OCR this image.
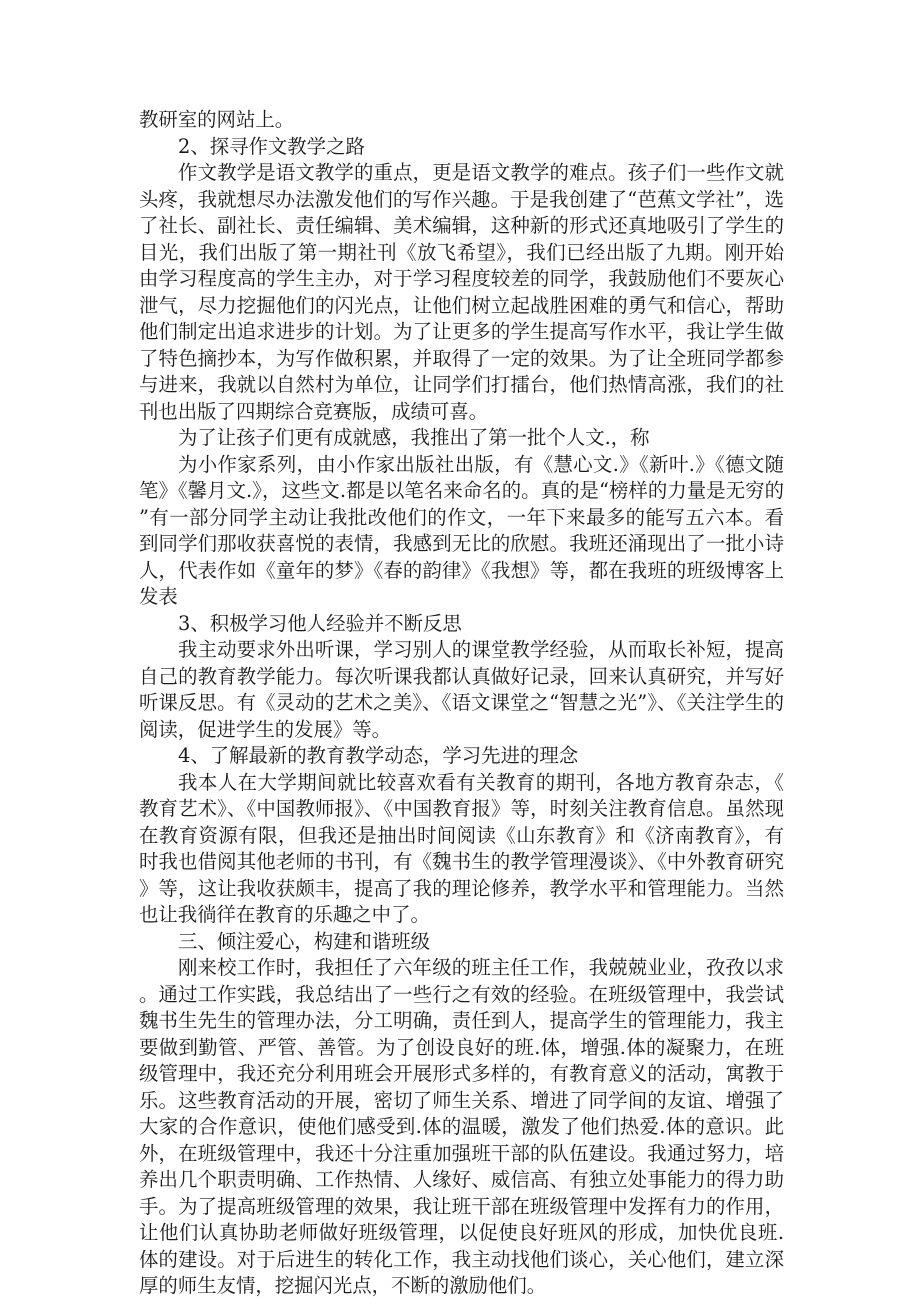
教研室的网站上。

2、探寻作文教学之路

作文教学是语文教学的重点，更是语文教学的难点。孩子们一些作文就头疼，我就想尽办法激发他们的写作兴趣。于是我创建了“芭蕉文学社”，选了社长、副社长、责任编辑、美术编辑，这种新的形式还真地吸引了学生的目光，我们出版了第一期社刊《放飞希望》，我们已经出版了九期。刚开始由学习程度高的学生主办，对于学习程度较差的同学，我鼓励他们不要灰心泄气，尽力挖掘他们的闪光点，让他们树立起战胜困难的勇气和信心，帮助他们制定出追求进步的计划。为了让更多的学生提高写作水平，我让学生做了特色摘抄本，为写作做积累，并取得了一定的效果。为了让全班同学都参与进来，我就以自然村为单位，让同学们打擂台，他们热情高涨，我们的社刊也出版了四期综合竞赛版，成绩可喜。

为了让孩子们更有成就感，我推出了第一批个人文.，称

为小作家系列，由小作家出版社出版，有《慧心文.》《新叶.》《德文随笔》《馨月文.》，这些文.都是以笔名来命名的。真的是“榜样的力量是无穷的”有一部分同学主动让我批改他们的作文，一年下来最多的能写五六本。看到同学们那收获喜悦的表情，我感到无比的欣慰。我班还涌现出了一批小诗人，代表作如《童年的梦》《春的韵律》《我想》等，都在我班的班级博客上发表

3、积极学习他人经验并不断反思

我主动要求外出听课，学习别人的课堂教学经验，从而取长补短，提高自己的教育教学能力。每次听课我都认真做好记录，回来认真研究，并写好听课反思。有《灵动的艺术之美》、《语文课堂之“智慧之光”》、《关注学生的阅读，促进学生的发展》等。

4、了解最新的教育教学动态，学习先进的理念

我本人在大学期间就比较喜欢看有关教育的期刊，各地方教育杂志，《教育艺术》、《中国教师报》、《中国教育报》等，时刻关注教育信息。虽然现在教育资源有限，但我还是抽出时间阅读《山东教育》和《济南教育》，有时我也借阅其他老师的书刊，有《魏书生的教学管理漫谈》、《中外教育研究》等，这让我收获颇丰，提高了我的理论修养，教学水平和管理能力。当然也让我徜徉在教育的乐趣之中了。

三、倾注爱心，构建和谐班级

刚来校工作时，我担任了六年级的班主任工作，我兢兢业业，孜孜以求。通过工作实践，我总结出了一些行之有效的经验。在班级管理中，我尝试魏书生先生的管理办法，分工明确，责任到人，提高学生的管理能力，我主要做到勤管、严管、善管。为了创设良好的班.体，增强.体的凝聚力，在班级管理中，我还充分利用班会开展形式多样的，有教育意义的活动，寓教于乐。这些教育活动的开展，密切了师生关系、增进了同学间的友谊、增强了大家的合作意识，使他们感受到.体的温暖，激发了他们热爱.体的意识。此外，在班级管理中，我还十分注重加强班干部的队伍建设。我通过努力，培养出几个职责明确、工作热情、人缘好、威信高、有独立处事能力的得力助手。为了提高班级管理的效果，我让班干部在班级管理中发挥有力的作用，让他们认真协助老师做好班级管理，以促使良好班风的形成，加快优良班.体的建设。对于后进生的转化工作，我主动找他们谈心，关心他们，建立深厚的师生友情，挖掘闪光点，不断的激励他们。
